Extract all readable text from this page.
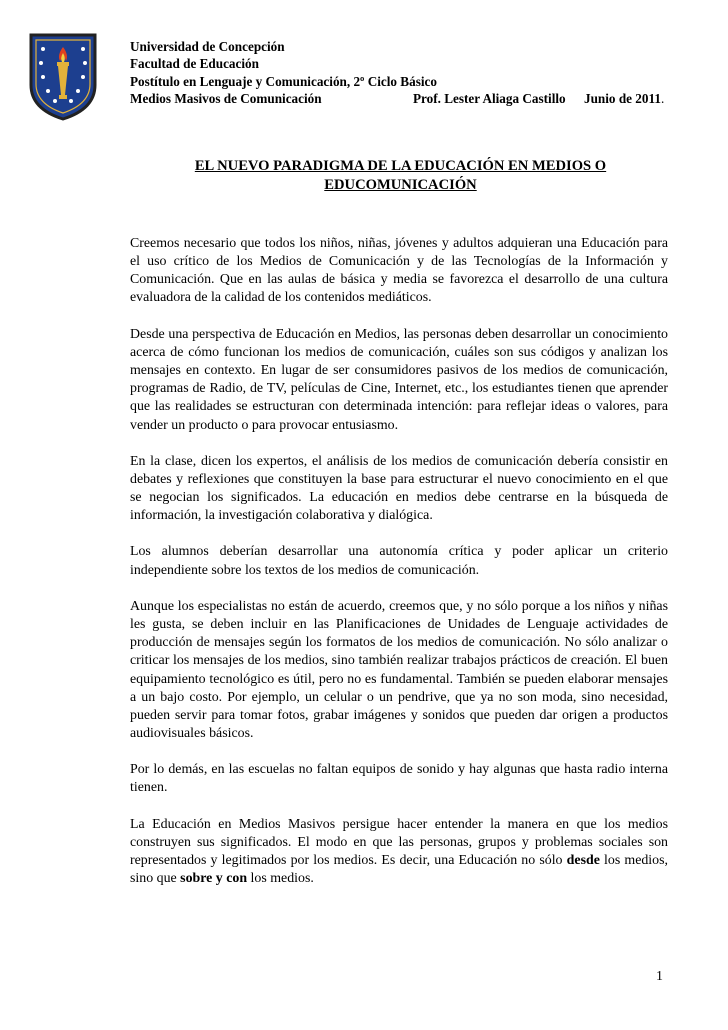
Universidad de Concepción
Facultad de Educación
Postítulo en Lenguaje y Comunicación, 2º Ciclo Básico
Medios Masivos de Comunicación	Prof. Lester Aliaga Castillo Junio de 2011.
EL NUEVO PARADIGMA DE LA EDUCACIÓN EN MEDIOS O
EDUCOMUNICACIÓN

Creemos necesario que todos los niños, niñas, jóvenes y adultos adquieran una Educación para el uso crítico de los Medios de Comunicación y de las Tecnologías de la Información y Comunicación. Que en las aulas de básica y media se favorezca el desarrollo de una cultura evaluadora de la calidad de los contenidos mediáticos.

Desde una perspectiva de Educación en Medios, las personas deben desarrollar un conocimiento acerca de cómo funcionan los medios de comunicación, cuáles son sus códigos y analizan los mensajes en contexto. En lugar de ser consumidores pasivos de los medios de comunicación, programas de Radio, de TV, películas de Cine, Internet, etc., los estudiantes tienen que aprender que las realidades se estructuran con determinada intención: para reflejar ideas o valores, para vender un producto o para provocar entusiasmo.

En la clase, dicen los expertos, el análisis de los medios de comunicación debería consistir en debates y reflexiones que constituyen la base para estructurar el nuevo conocimiento en el que se negocian los significados. La educación en medios debe centrarse en la búsqueda de información, la investigación colaborativa y dialógica.

Los alumnos deberían desarrollar una autonomía crítica y poder aplicar un criterio independiente sobre los textos de los medios de comunicación.

Aunque los especialistas no están de acuerdo, creemos que, y no sólo porque a los niños y niñas les gusta, se deben incluir en las Planificaciones de Unidades de Lenguaje actividades de producción de mensajes según los formatos de los medios de comunicación. No sólo analizar o criticar los mensajes de los medios, sino también realizar trabajos prácticos de creación. El buen equipamiento tecnológico es útil, pero no es fundamental. También se pueden elaborar mensajes a un bajo costo. Por ejemplo, un celular o un pendrive, que ya no son moda, sino necesidad, pueden servir para tomar fotos, grabar imágenes y sonidos que pueden dar origen a productos audiovisuales básicos.

Por lo demás, en las escuelas no faltan equipos de sonido y hay algunas que hasta radio interna tienen.

La Educación en Medios Masivos persigue hacer entender la manera en que los medios construyen sus significados. El modo en que las personas, grupos y problemas sociales son representados y legitimados por los medios. Es decir, una Educación no sólo desde los medios, sino que sobre y con los medios.

1
